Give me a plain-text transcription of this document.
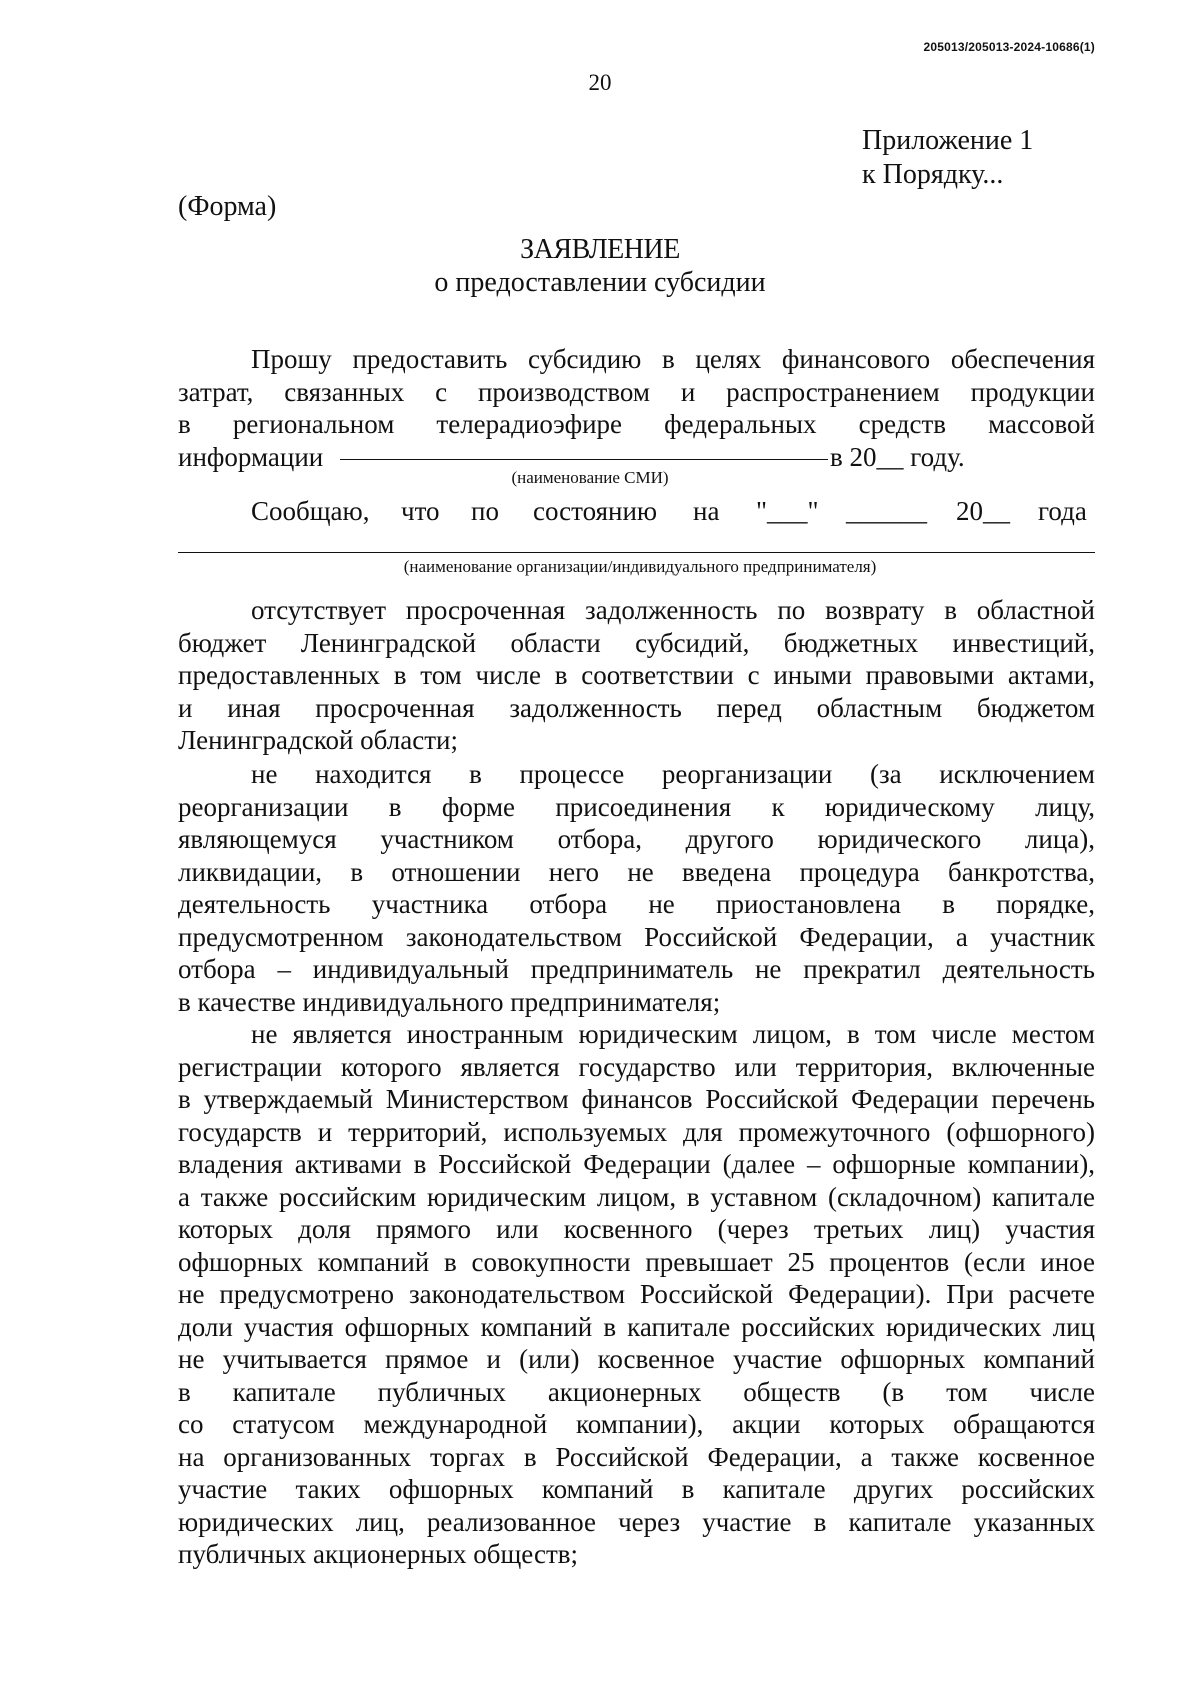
205013/205013-2024-10686(1)
20
Приложение 1
к Порядку...
(Форма)
ЗАЯВЛЕНИЕ
о предоставлении субсидии
Прошу предоставить субсидию в целях финансового обеспечения
затрат, связанных с производством и распространением продукции
в региональном телерадиоэфире федеральных средств массовой
информации	в 20__ году.
(наименование СМИ)
Сообщаю, что по состоянию на "___" ______ 20__ года
(наименование организации/индивидуального предпринимателя)
отсутствует просроченная задолженность по возврату в областной
бюджет Ленинградской области субсидий, бюджетных инвестиций,
предоставленных в том числе в соответствии с иными правовыми актами,
и иная просроченная задолженность перед областным бюджетом
Ленинградской области;
не находится в процессе реорганизации (за исключением
реорганизации в форме присоединения к юридическому лицу,
являющемуся участником отбора, другого юридического лица),
ликвидации, в отношении него не введена процедура банкротства,
деятельность участника отбора не приостановлена в порядке,
предусмотренном законодательством Российской Федерации, а участник
отбора – индивидуальный предприниматель не прекратил деятельность
в качестве индивидуального предпринимателя;
не является иностранным юридическим лицом, в том числе местом
регистрации которого является государство или территория, включенные
в утверждаемый Министерством финансов Российской Федерации перечень
государств и территорий, используемых для промежуточного (офшорного)
владения активами в Российской Федерации (далее – офшорные компании),
а также российским юридическим лицом, в уставном (складочном) капитале
которых доля прямого или косвенного (через третьих лиц) участия
офшорных компаний в совокупности превышает 25 процентов (если иное
не предусмотрено законодательством Российской Федерации). При расчете
доли участия офшорных компаний в капитале российских юридических лиц
не учитывается прямое и (или) косвенное участие офшорных компаний
в капитале публичных акционерных обществ (в том числе
со статусом международной компании), акции которых обращаются
на организованных торгах в Российской Федерации, а также косвенное
участие таких офшорных компаний в капитале других российских
юридических лиц, реализованное через участие в капитале указанных
публичных акционерных обществ;
